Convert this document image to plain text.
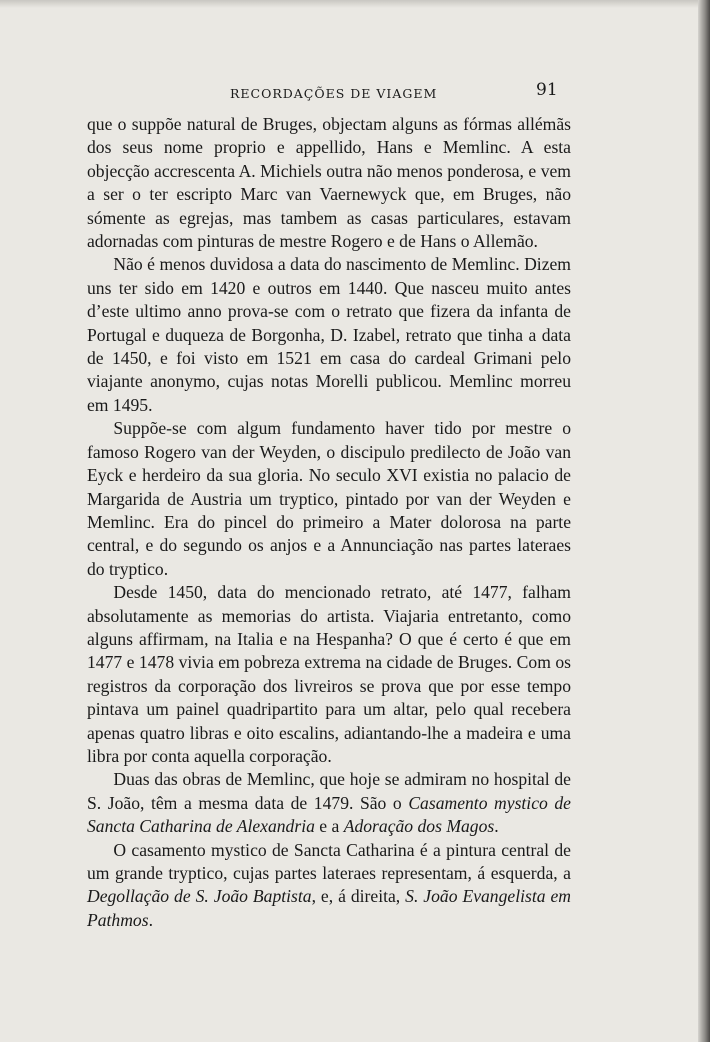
RECORDAÇÕES DE VIAGEM	91

que o suppõe natural de Bruges, objectam alguns as fórmas allémãs dos seus nome proprio e appellido, Hans e Memlinc. A esta objecção accrescenta A. Michiels outra não menos ponderosa, e vem a ser o ter escripto Marc van Vaernewyck que, em Bruges, não sómente as egrejas, mas tambem as casas particulares, estavam adornadas com pinturas de mestre Rogero e de Hans o Allemão.

Não é menos duvidosa a data do nascimento de Memlinc. Dizem uns ter sido em 1420 e outros em 1440. Que nasceu muito antes d’este ultimo anno prova-se com o retrato que fizera da infanta de Portugal e duqueza de Borgonha, D. Izabel, retrato que tinha a data de 1450, e foi visto em 1521 em casa do cardeal Grimani pelo viajante anonymo, cujas notas Morelli publicou. Memlinc morreu em 1495.

Suppõe-se com algum fundamento haver tido por mestre o famoso Rogero van der Weyden, o discipulo predilecto de João van Eyck e herdeiro da sua gloria. No seculo XVI existia no palacio de Margarida de Austria um tryptico, pintado por van der Weyden e Memlinc. Era do pincel do primeiro a Mater dolorosa na parte central, e do segundo os anjos e a Annunciação nas partes lateraes do tryptico.

Desde 1450, data do mencionado retrato, até 1477, falham absolutamente as memorias do artista. Viajaria entretanto, como alguns affirmam, na Italia e na Hespanha? O que é certo é que em 1477 e 1478 vivia em pobreza extrema na cidade de Bruges. Com os registros da corporação dos livreiros se prova que por esse tempo pintava um painel quadripartito para um altar, pelo qual recebera apenas quatro libras e oito escalins, adiantando-lhe a madeira e uma libra por conta aquella corporação.

Duas das obras de Memlinc, que hoje se admiram no hospital de S. João, têm a mesma data de 1479. São o Casamento mystico de Sancta Catharina de Alexandria e a Adoração dos Magos.

O casamento mystico de Sancta Catharina é a pintura central de um grande tryptico, cujas partes lateraes representam, á esquerda, a Degollação de S. João Baptista, e, á direita, S. João Evangelista em Pathmos.
